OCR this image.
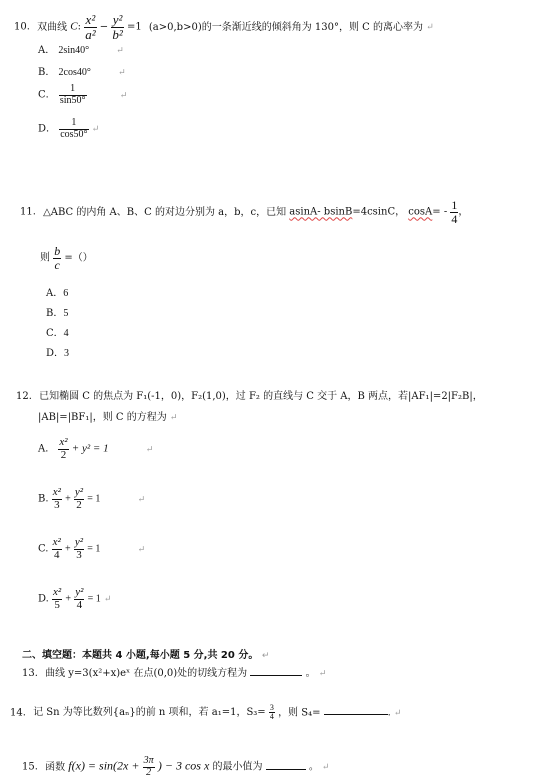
10. 双曲线 C: $\frac{\text{x²}}{\text{a²}} - \frac{\text{y²}}{\text{b²}} =1$ (a>0,b>0)的一条渐近线的倾斜角为 130°，则 C 的离心率为 ↵
A． 2sin40°	↵
B． 2cos40°	↵
C． $\frac{1}{\sin 50^\circ}$	↵
D． $\frac{1}{\cos 50^\circ}$ ↵
11. △ABC 的内角 A、B、C 的对边分别为 a，b，c，已知 asinA- bsinB=4csinC， $\cos A= - \frac{1}{4}$ ，
则 $\frac{b}{c}$ =（）
A．6
B．5
C．4
D．3
12. 已知椭圆 C 的焦点为 F₁(-1，0)，F₂(1,0)，过 F₂ 的直线与 C 交于 A，B 两点，若|AF₁|=2|F₂B|，
|AB|=|BF₁|，则 C 的方程为 ↵
A． $\frac{\text{x²}}{2} + y^2 = 1$	↵
B. $\frac{\text{x²}}{3} + \frac{\text{y²}}{2} = 1$	↵
C. $\frac{\text{x²}}{4} + \frac{\text{y²}}{3} = 1$	↵
D. $\frac{\text{x²}}{5} + \frac{\text{y²}}{4} = 1$ ↵
二、填空题：本题共 4 小题,每小题 5 分,共 20 分。 ↵
13. 曲线 y=3(x²+x)eˣ 在点(0,0)处的切线方程为	。 ↵
14. 记 Sn 为等比数列{aₙ}的前 n 项和，若 a₁=1，$S_3= \frac{3}{4}$ ，则 S₄=	. ↵
15. 函数 $f(x) = \sin(2x + \frac{3\pi}{2}$ ) − 3 cos x 的最小值为	。 ↵
